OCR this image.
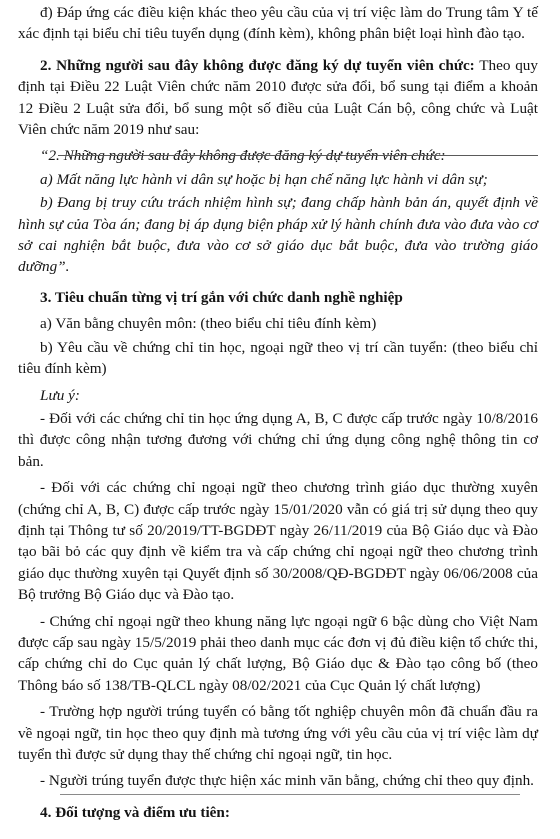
đ) Đáp ứng các điều kiện khác theo yêu cầu của vị trí việc làm do Trung tâm Y tế xác định tại biểu chỉ tiêu tuyển dụng (đính kèm), không phân biệt loại hình đào tạo.

2. Những người sau đây không được đăng ký dự tuyển viên chức: Theo quy định tại Điều 22 Luật Viên chức năm 2010 được sửa đổi, bổ sung tại điểm a khoản 12 Điều 2 Luật sửa đổi, bổ sung một số điều của Luật Cán bộ, công chức và Luật Viên chức năm 2019 như sau:

“2. Những người sau đây không được đăng ký dự tuyển viên chức:

a) Mất năng lực hành vi dân sự hoặc bị hạn chế năng lực hành vi dân sự;

b) Đang bị truy cứu trách nhiệm hình sự; đang chấp hành bản án, quyết định về hình sự của Tòa án; đang bị áp dụng biện pháp xử lý hành chính đưa vào đưa vào cơ sở cai nghiện bắt buộc, đưa vào cơ sở giáo dục bắt buộc, đưa vào trường giáo dưỡng”.

3. Tiêu chuẩn từng vị trí gắn với chức danh nghề nghiệp

a) Văn bằng chuyên môn: (theo biểu chỉ tiêu đính kèm)

b) Yêu cầu về chứng chỉ tin học, ngoại ngữ theo vị trí cần tuyển: (theo biểu chỉ tiêu đính kèm)

Lưu ý:

- Đối với các chứng chỉ tin học ứng dụng A, B, C được cấp trước ngày 10/8/2016 thì được công nhận tương đương với chứng chỉ ứng dụng công nghệ thông tin cơ bản.

- Đối với các chứng chỉ ngoại ngữ theo chương trình giáo dục thường xuyên (chứng chỉ A, B, C) được cấp trước ngày 15/01/2020 vẫn có giá trị sử dụng theo quy định tại Thông tư số 20/2019/TT-BGDĐT ngày 26/11/2019 của Bộ Giáo dục và Đào tạo bãi bỏ các quy định về kiểm tra và cấp chứng chỉ ngoại ngữ theo chương trình giáo dục thường xuyên tại Quyết định số 30/2008/QĐ-BGDĐT ngày 06/06/2008 của Bộ trưởng Bộ Giáo dục và Đào tạo.

- Chứng chỉ ngoại ngữ theo khung năng lực ngoại ngữ 6 bậc dùng cho Việt Nam được cấp sau ngày 15/5/2019 phải theo danh mục các đơn vị đủ điều kiện tổ chức thi, cấp chứng chỉ do Cục quản lý chất lượng, Bộ Giáo dục & Đào tạo công bố (theo Thông báo số 138/TB-QLCL ngày 08/02/2021 của Cục Quản lý chất lượng)

- Trường hợp người trúng tuyển có bằng tốt nghiệp chuyên môn đã chuẩn đầu ra về ngoại ngữ, tin học theo quy định mà tương ứng với yêu cầu của vị trí việc làm dự tuyển thì được sử dụng thay thế chứng chỉ ngoại ngữ, tin học.

- Người trúng tuyển được thực hiện xác minh văn bằng, chứng chỉ theo quy định.

4. Đối tượng và điểm ưu tiên:
